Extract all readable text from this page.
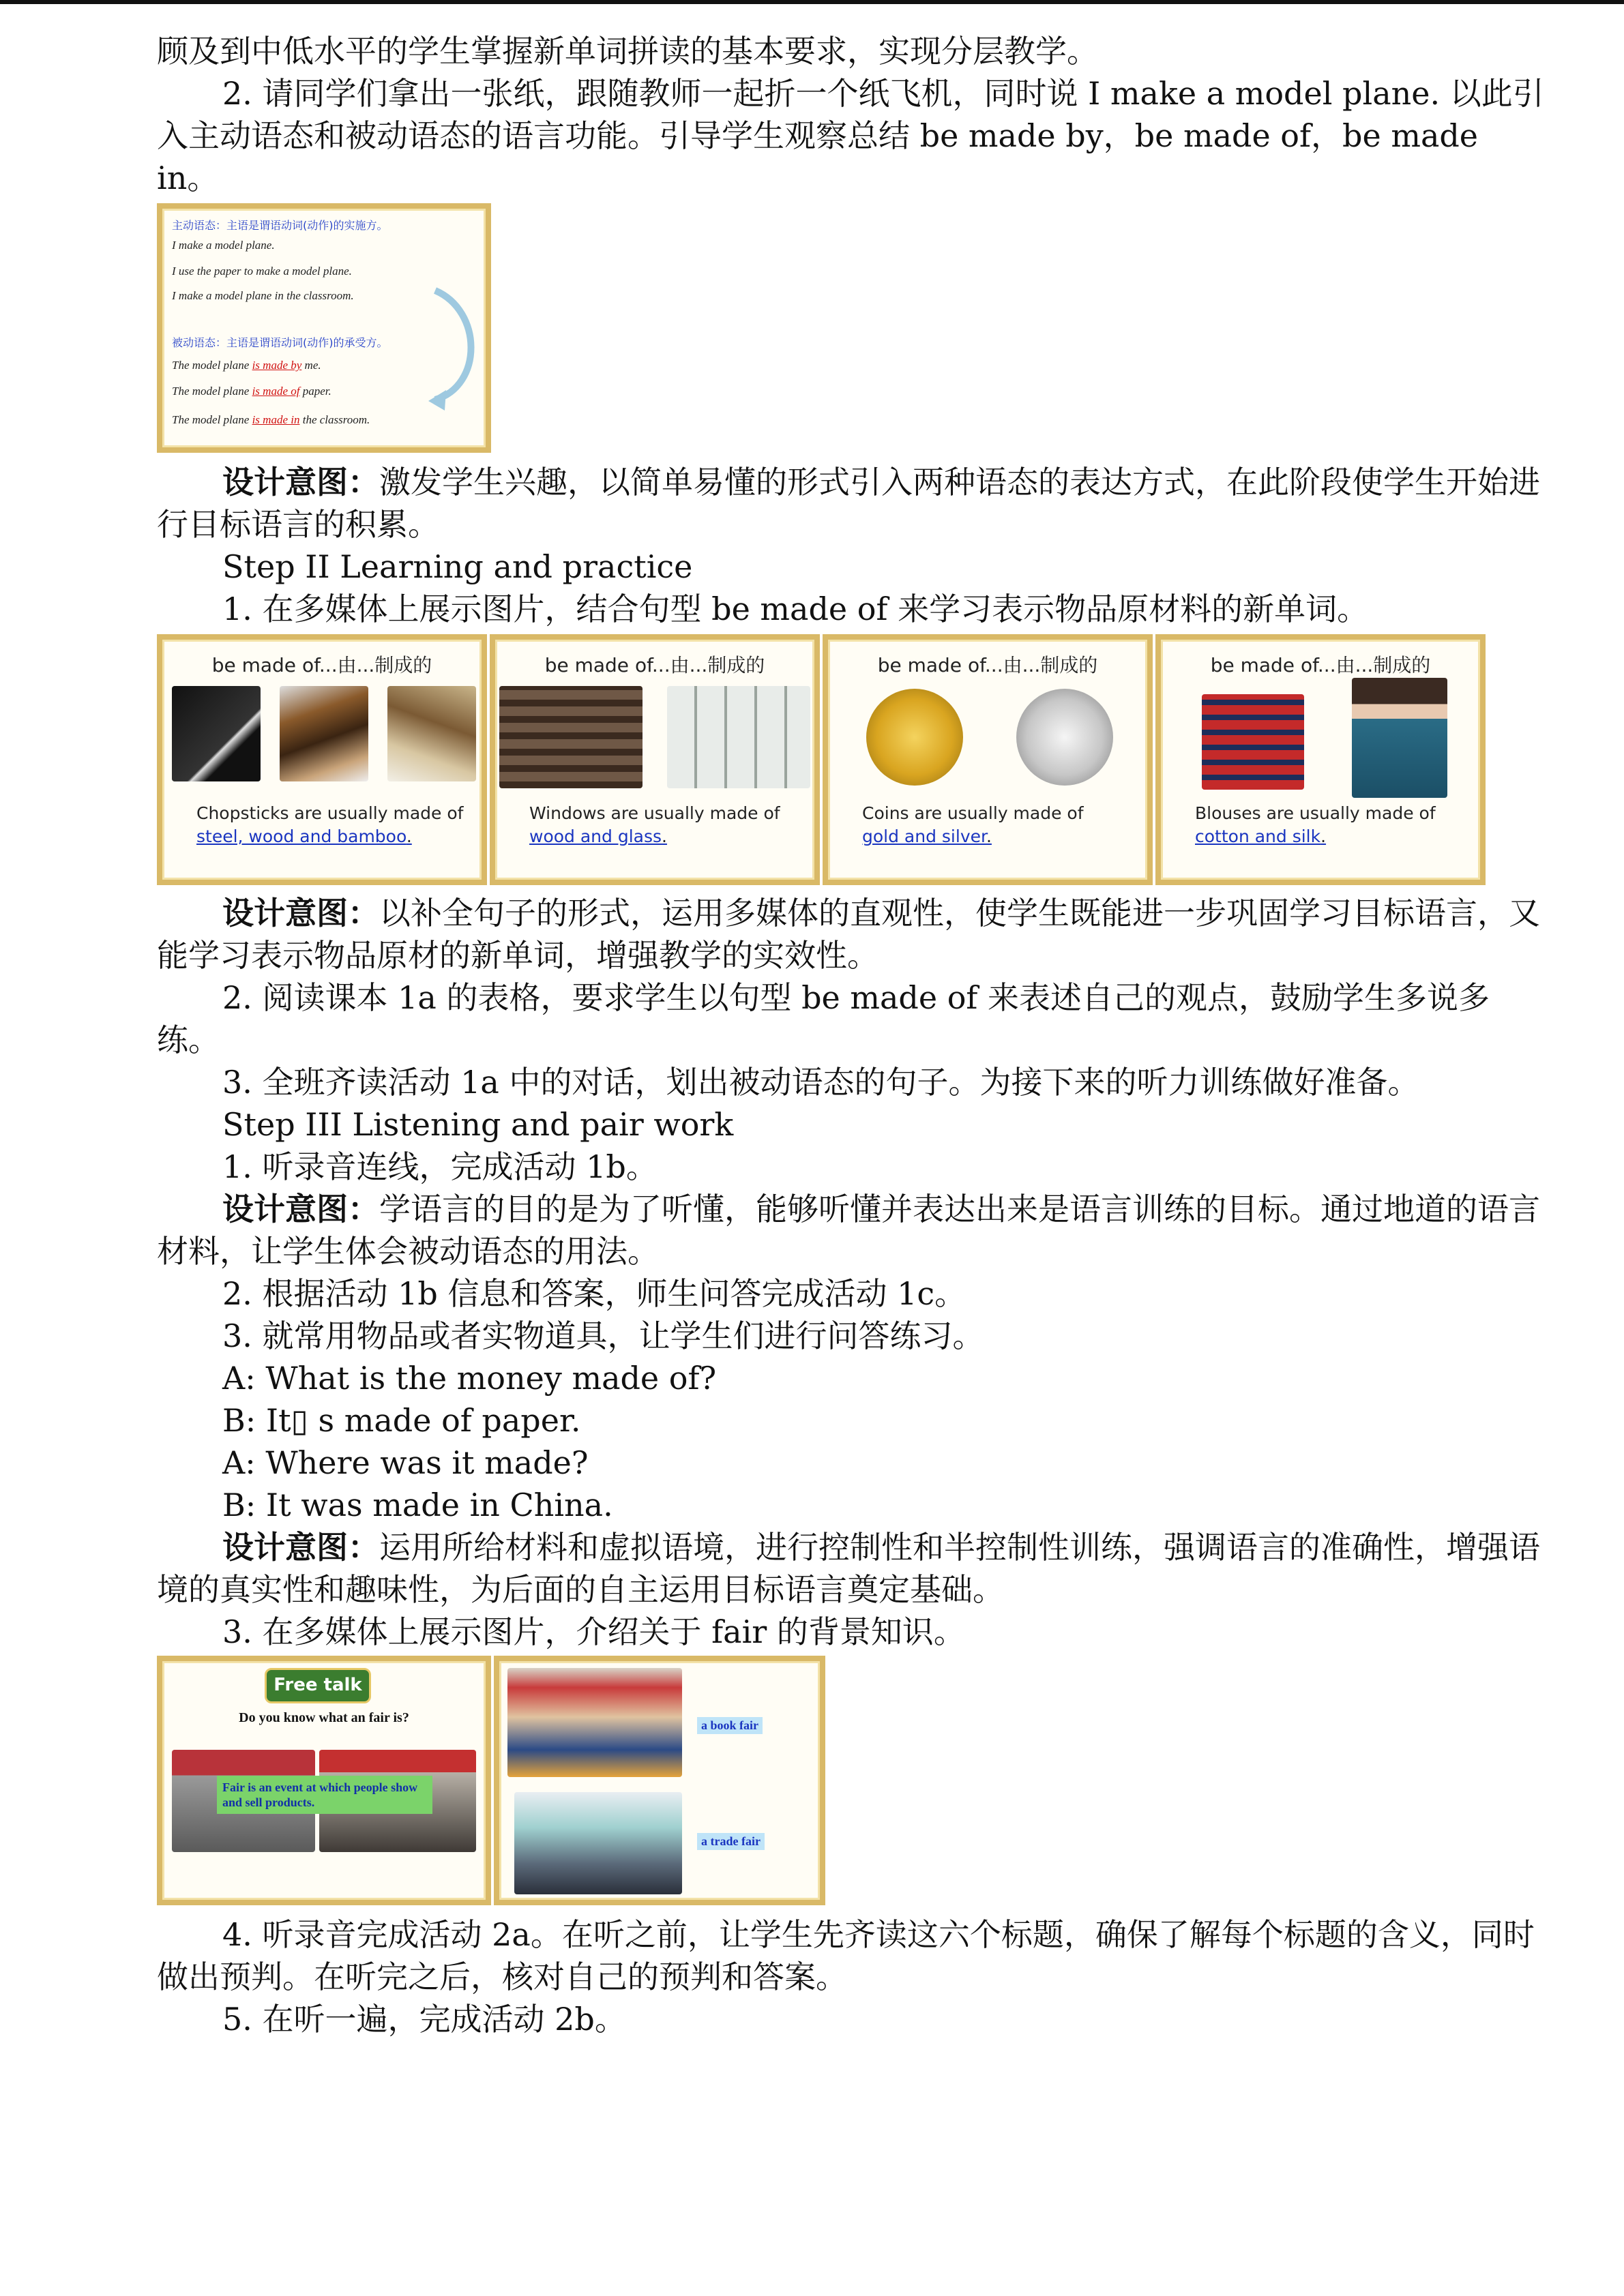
顾及到中低水平的学生掌握新单词拼读的基本要求，实现分层教学。

2. 请同学们拿出一张纸，跟随教师一起折一个纸飞机，同时说 I make a model plane. 以此引入主动语态和被动语态的语言功能。引导学生观察总结 be made by，be made of，be made in。

主动语态：主语是谓语动词(动作)的实施方。
I make a model plane.
I use the paper to make a model plane.
I make a model plane in the classroom.
被动语态：主语是谓语动词(动作)的承受方。
The model plane is made by me.
The model plane is made of paper.
The model plane is made in the classroom.

设计意图：激发学生兴趣，以简单易懂的形式引入两种语态的表达方式，在此阶段使学生开始进行目标语言的积累。

Step II Learning and practice

1. 在多媒体上展示图片，结合句型 be made of 来学习表示物品原材料的新单词。

be made of...由...制成的
Chopsticks are usually made of
steel, wood and bamboo.
be made of...由...制成的
Windows are usually made of
wood and glass.
be made of...由...制成的
Coins are usually made of
gold and silver.
be made of...由...制成的
Blouses are usually made of
cotton and silk.

设计意图：以补全句子的形式，运用多媒体的直观性，使学生既能进一步巩固学习目标语言，又能学习表示物品原材的新单词，增强教学的实效性。

2. 阅读课本 1a 的表格，要求学生以句型 be made of 来表述自己的观点，鼓励学生多说多练。

3. 全班齐读活动 1a 中的对话，划出被动语态的句子。为接下来的听力训练做好准备。

Step III Listening and pair work

1. 听录音连线，完成活动 1b。

设计意图：学语言的目的是为了听懂，能够听懂并表达出来是语言训练的目标。通过地道的语言材料，让学生体会被动语态的用法。

2. 根据活动 1b 信息和答案，师生问答完成活动 1c。

3. 就常用物品或者实物道具，让学生们进行问答练习。

A: What is the money made of?

B: It▯ s made of paper.

A: Where was it made?

B: It was made in China.

设计意图：运用所给材料和虚拟语境，进行控制性和半控制性训练，强调语言的准确性，增强语境的真实性和趣味性，为后面的自主运用目标语言奠定基础。

3. 在多媒体上展示图片，介绍关于 fair 的背景知识。

Free talk
Do you know what an fair is?
Fair is an event at which people show and sell products.
a book fair
a trade fair

4. 听录音完成活动 2a。在听之前，让学生先齐读这六个标题，确保了解每个标题的含义，同时做出预判。在听完之后，核对自己的预判和答案。

5. 在听一遍，完成活动 2b。
